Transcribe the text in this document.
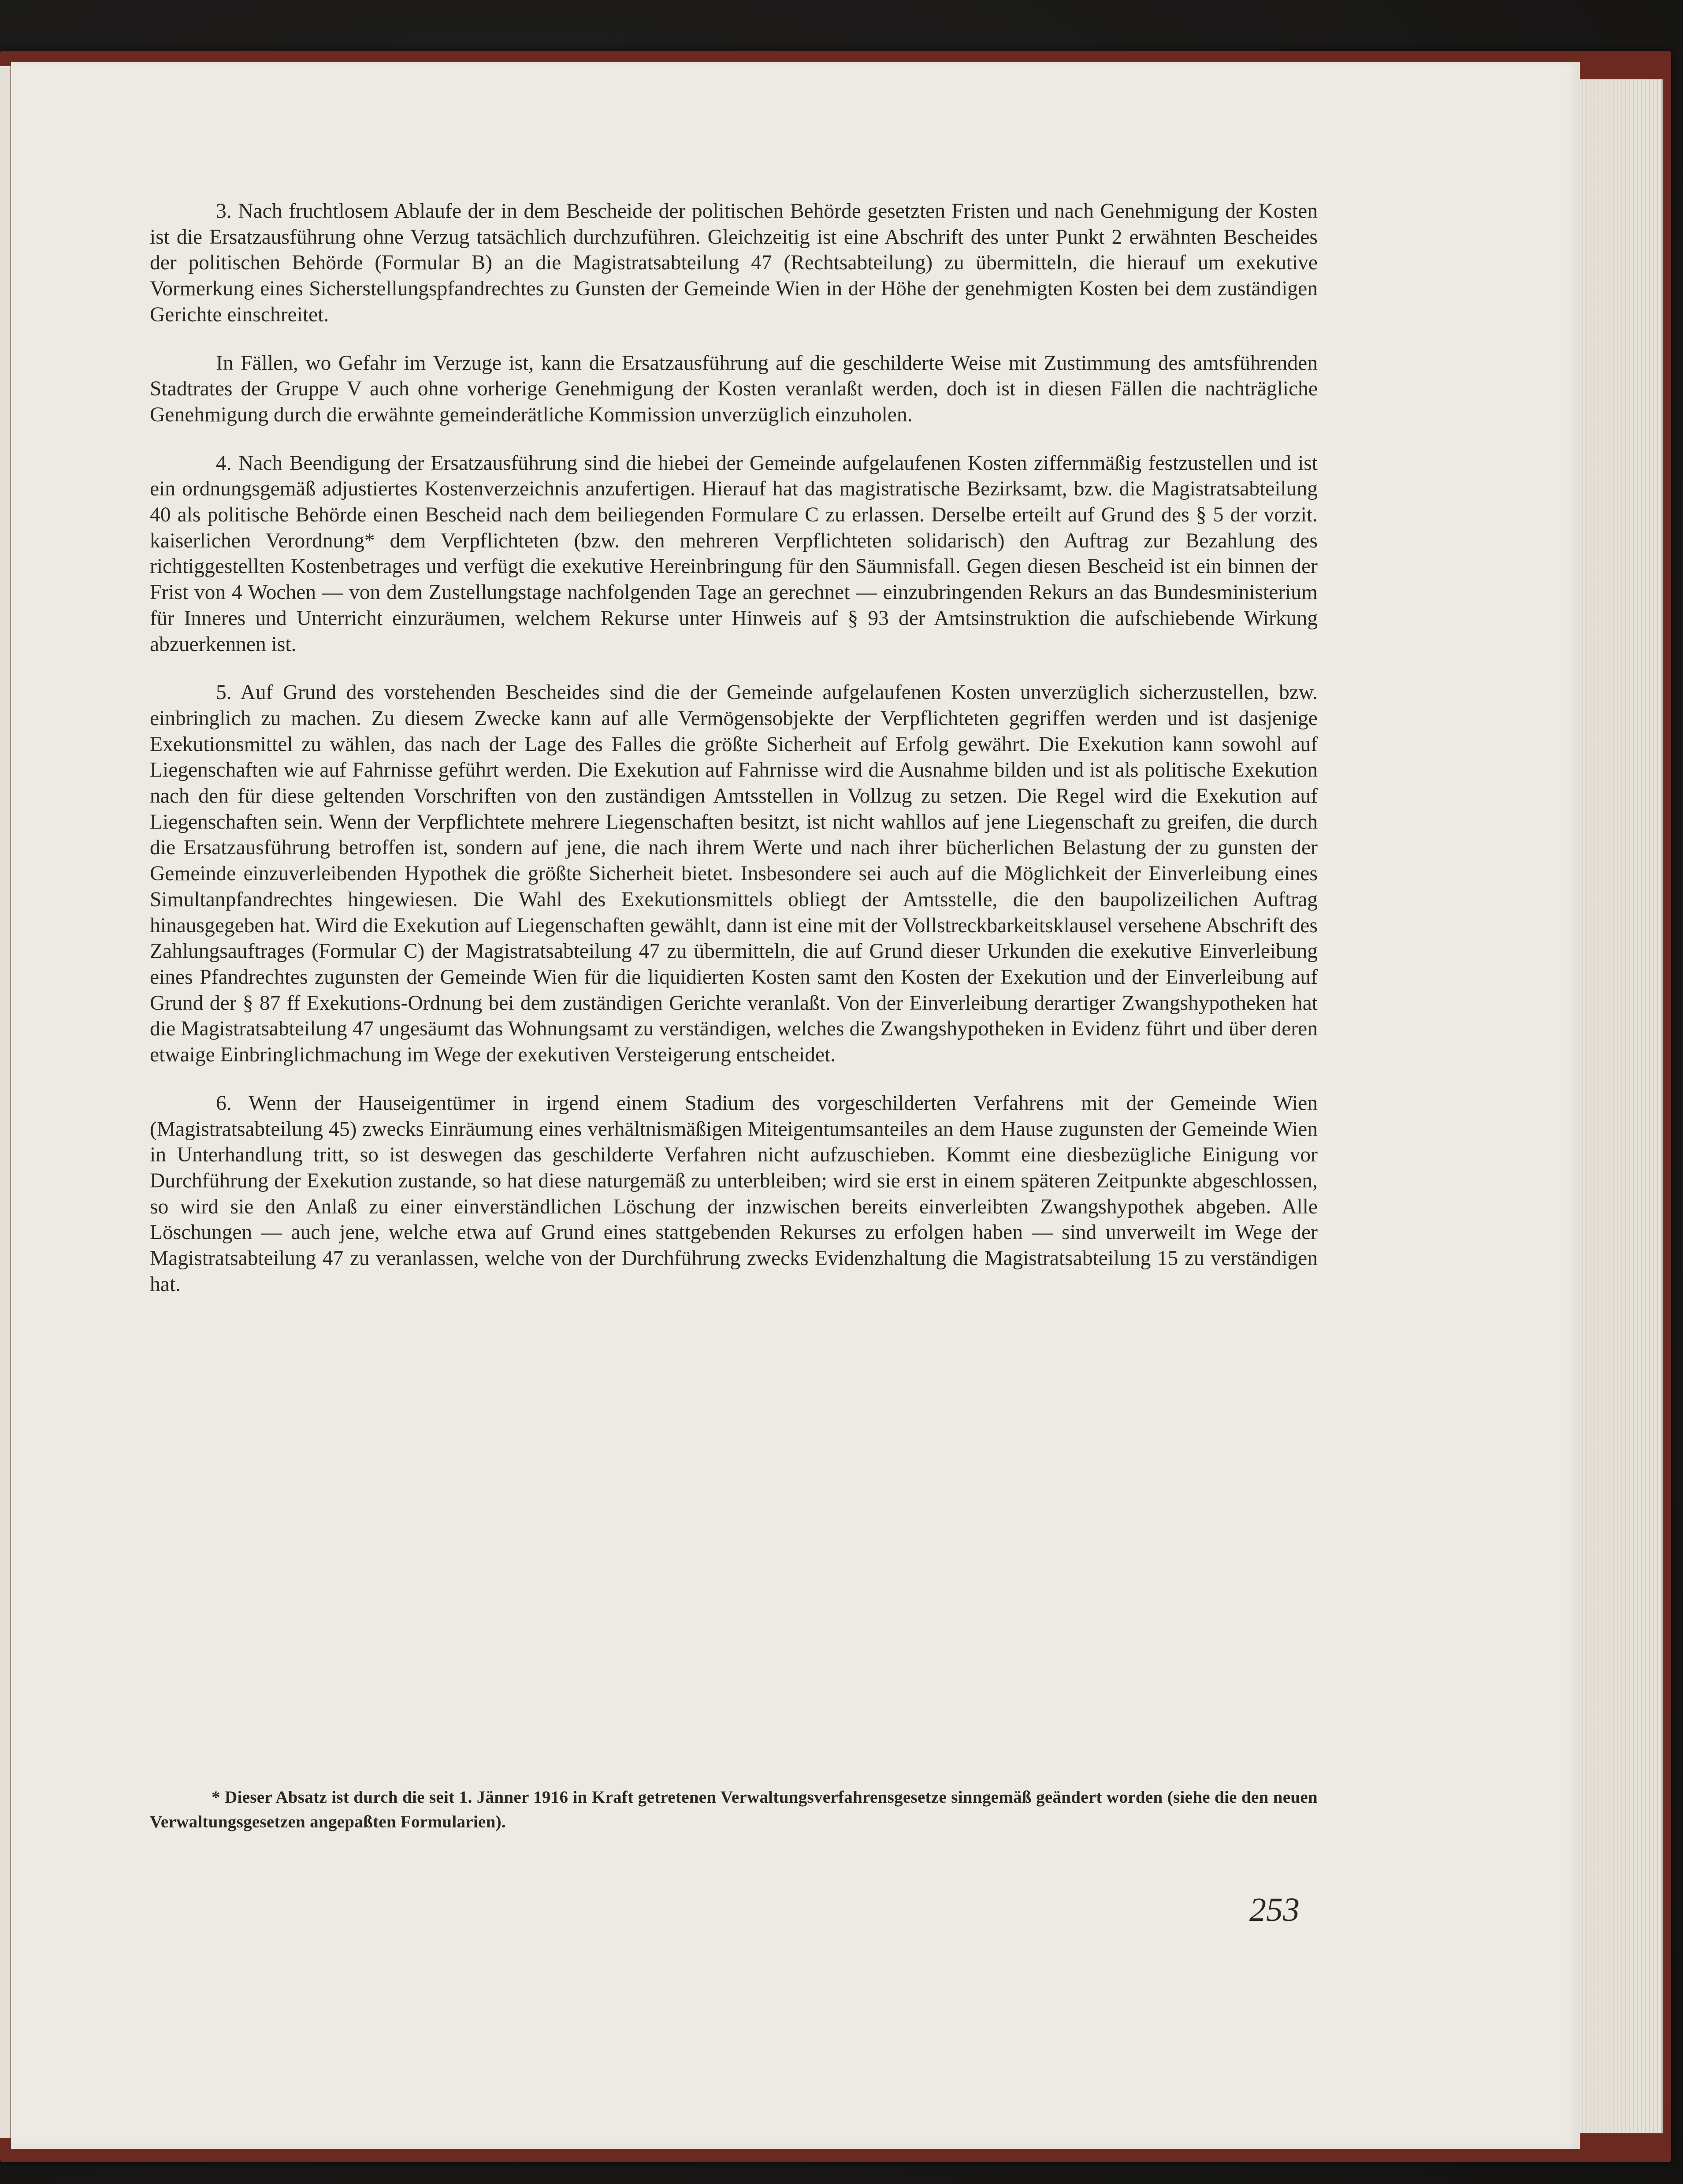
3. Nach fruchtlosem Ablaufe der in dem Bescheide der politischen Behörde gesetzten Fristen und nach Genehmigung der Kosten ist die Ersatzausführung ohne Verzug tatsächlich durchzuführen. Gleichzeitig ist eine Abschrift des unter Punkt 2 erwähnten Bescheides der politischen Behörde (Formular B) an die Magistratsabteilung 47 (Rechtsabteilung) zu übermitteln, die hierauf um exekutive Vormerkung eines Sicherstellungspfandrechtes zu Gunsten der Gemeinde Wien in der Höhe der genehmigten Kosten bei dem zuständigen Gerichte einschreitet.

In Fällen, wo Gefahr im Verzuge ist, kann die Ersatzausführung auf die geschilderte Weise mit Zustimmung des amtsführenden Stadtrates der Gruppe V auch ohne vorherige Genehmigung der Kosten veranlaßt werden, doch ist in diesen Fällen die nachträgliche Genehmigung durch die erwähnte gemeinderätliche Kommission unverzüglich einzuholen.

4. Nach Beendigung der Ersatzausführung sind die hiebei der Gemeinde aufgelaufenen Kosten ziffernmäßig festzustellen und ist ein ordnungsgemäß adjustiertes Kostenverzeichnis anzufertigen. Hierauf hat das magistratische Bezirksamt, bzw. die Magistratsabteilung 40 als politische Behörde einen Bescheid nach dem beiliegenden Formulare C zu erlassen. Derselbe erteilt auf Grund des § 5 der vorzit. kaiserlichen Verordnung* dem Verpflichteten (bzw. den mehreren Verpflichteten solidarisch) den Auftrag zur Bezahlung des richtiggestellten Kostenbetrages und verfügt die exekutive Hereinbringung für den Säumnisfall. Gegen diesen Bescheid ist ein binnen der Frist von 4 Wochen — von dem Zustellungstage nachfolgenden Tage an gerechnet — einzubringenden Rekurs an das Bundesministerium für Inneres und Unterricht einzuräumen, welchem Rekurse unter Hinweis auf § 93 der Amtsinstruktion die aufschiebende Wirkung abzuerkennen ist.

5. Auf Grund des vorstehenden Bescheides sind die der Gemeinde aufgelaufenen Kosten unverzüglich sicherzustellen, bzw. einbringlich zu machen. Zu diesem Zwecke kann auf alle Vermögensobjekte der Verpflichteten gegriffen werden und ist dasjenige Exekutionsmittel zu wählen, das nach der Lage des Falles die größte Sicherheit auf Erfolg gewährt. Die Exekution kann sowohl auf Liegenschaften wie auf Fahrnisse geführt werden. Die Exekution auf Fahrnisse wird die Ausnahme bilden und ist als politische Exekution nach den für diese geltenden Vorschriften von den zuständigen Amtsstellen in Vollzug zu setzen. Die Regel wird die Exekution auf Liegenschaften sein. Wenn der Verpflichtete mehrere Liegenschaften besitzt, ist nicht wahllos auf jene Liegenschaft zu greifen, die durch die Ersatzausführung betroffen ist, sondern auf jene, die nach ihrem Werte und nach ihrer bücherlichen Belastung der zu gunsten der Gemeinde einzuverleibenden Hypothek die größte Sicherheit bietet. Insbesondere sei auch auf die Möglichkeit der Einverleibung eines Simultanpfandrechtes hingewiesen. Die Wahl des Exekutionsmittels obliegt der Amtsstelle, die den baupolizeilichen Auftrag hinausgegeben hat. Wird die Exekution auf Liegenschaften gewählt, dann ist eine mit der Vollstreckbarkeitsklausel versehene Abschrift des Zahlungsauftrages (Formular C) der Magistratsabteilung 47 zu übermitteln, die auf Grund dieser Urkunden die exekutive Einverleibung eines Pfandrechtes zugunsten der Gemeinde Wien für die liquidierten Kosten samt den Kosten der Exekution und der Einverleibung auf Grund der § 87 ff Exekutions-Ordnung bei dem zuständigen Gerichte veranlaßt. Von der Einverleibung derartiger Zwangshypotheken hat die Magistratsabteilung 47 ungesäumt das Wohnungsamt zu verständigen, welches die Zwangshypotheken in Evidenz führt und über deren etwaige Einbringlichmachung im Wege der exekutiven Versteigerung entscheidet.

6. Wenn der Hauseigentümer in irgend einem Stadium des vorgeschilderten Verfahrens mit der Gemeinde Wien (Magistratsabteilung 45) zwecks Einräumung eines verhältnismäßigen Miteigentumsanteiles an dem Hause zugunsten der Gemeinde Wien in Unterhandlung tritt, so ist deswegen das geschilderte Verfahren nicht aufzuschieben. Kommt eine diesbezügliche Einigung vor Durchführung der Exekution zustande, so hat diese naturgemäß zu unterbleiben; wird sie erst in einem späteren Zeitpunkte abgeschlossen, so wird sie den Anlaß zu einer einverständlichen Löschung der inzwischen bereits einverleibten Zwangshypothek abgeben. Alle Löschungen — auch jene, welche etwa auf Grund eines stattgebenden Rekurses zu erfolgen haben — sind unverweilt im Wege der Magistratsabteilung 47 zu veranlassen, welche von der Durchführung zwecks Evidenzhaltung die Magistratsabteilung 15 zu verständigen hat.

* Dieser Absatz ist durch die seit 1. Jänner 1916 in Kraft getretenen Verwaltungsverfahrensgesetze sinngemäß geändert worden (siehe die den neuen Verwaltungsgesetzen angepaßten Formularien).

253
